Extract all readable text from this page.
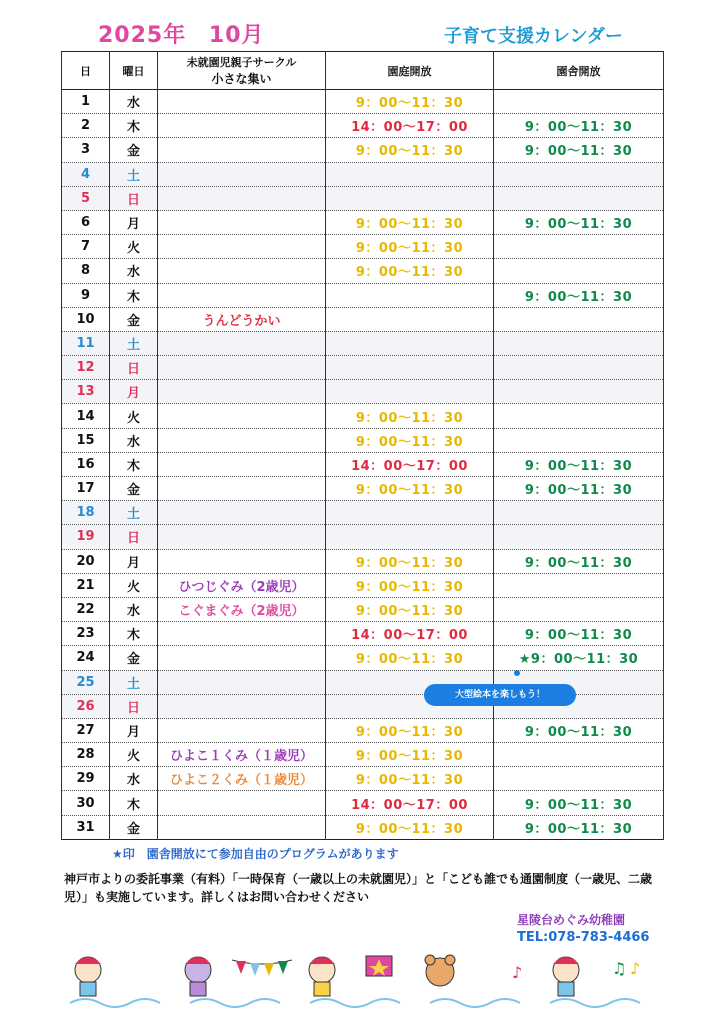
2025年 10月	子育て支援カレンダー
日	曜日	未就園児親子サークル
小さな集い	園庭開放	園舎開放
1	水		9：00～11：30	
2	木		14：00～17：00	9：00～11：30
3	金		9：00～11：30	9：00～11：30
4	土			
5	日			
6	月		9：00～11：30	9：00～11：30
7	火		9：00～11：30	
8	水		9：00～11：30	
9	木			9：00～11：30
10	金	うんどうかい		
11	土			
12	日			
13	月			
14	火		9：00～11：30	
15	水		9：00～11：30	
16	木		14：00～17：00	9：00～11：30
17	金		9：00～11：30	9：00～11：30
18	土			
19	日			
20	月		9：00～11：30	9：00～11：30
21	火	ひつじぐみ（2歳児）	9：00～11：30	
22	水	こぐまぐみ（2歳児）	9：00～11：30	
23	木		14：00～17：00	9：00～11：30
24	金		9：00～11：30	★9：00～11：30
25	土			
26	日			
27	月		9：00～11：30	9：00～11：30
28	火	ひよこ１くみ（１歳児）	9：00～11：30	
29	水	ひよこ２くみ（１歳児）	9：00～11：30	
30	木		14：00～17：00	9：00～11：30
31	金		9：00～11：30	9：00～11：30
大型絵本を楽しもう！
★印　園舎開放にて参加自由のプログラムがあります
神戸市よりの委託事業（有料）「一時保育（一歳以上の未就園児）」と「こども誰でも通園制度（一歳児、二歳児）」も実施しています。詳しくはお問い合わせください
星陵台めぐみ幼稚園
TEL:078-783-4466
♪	♫ ♪
